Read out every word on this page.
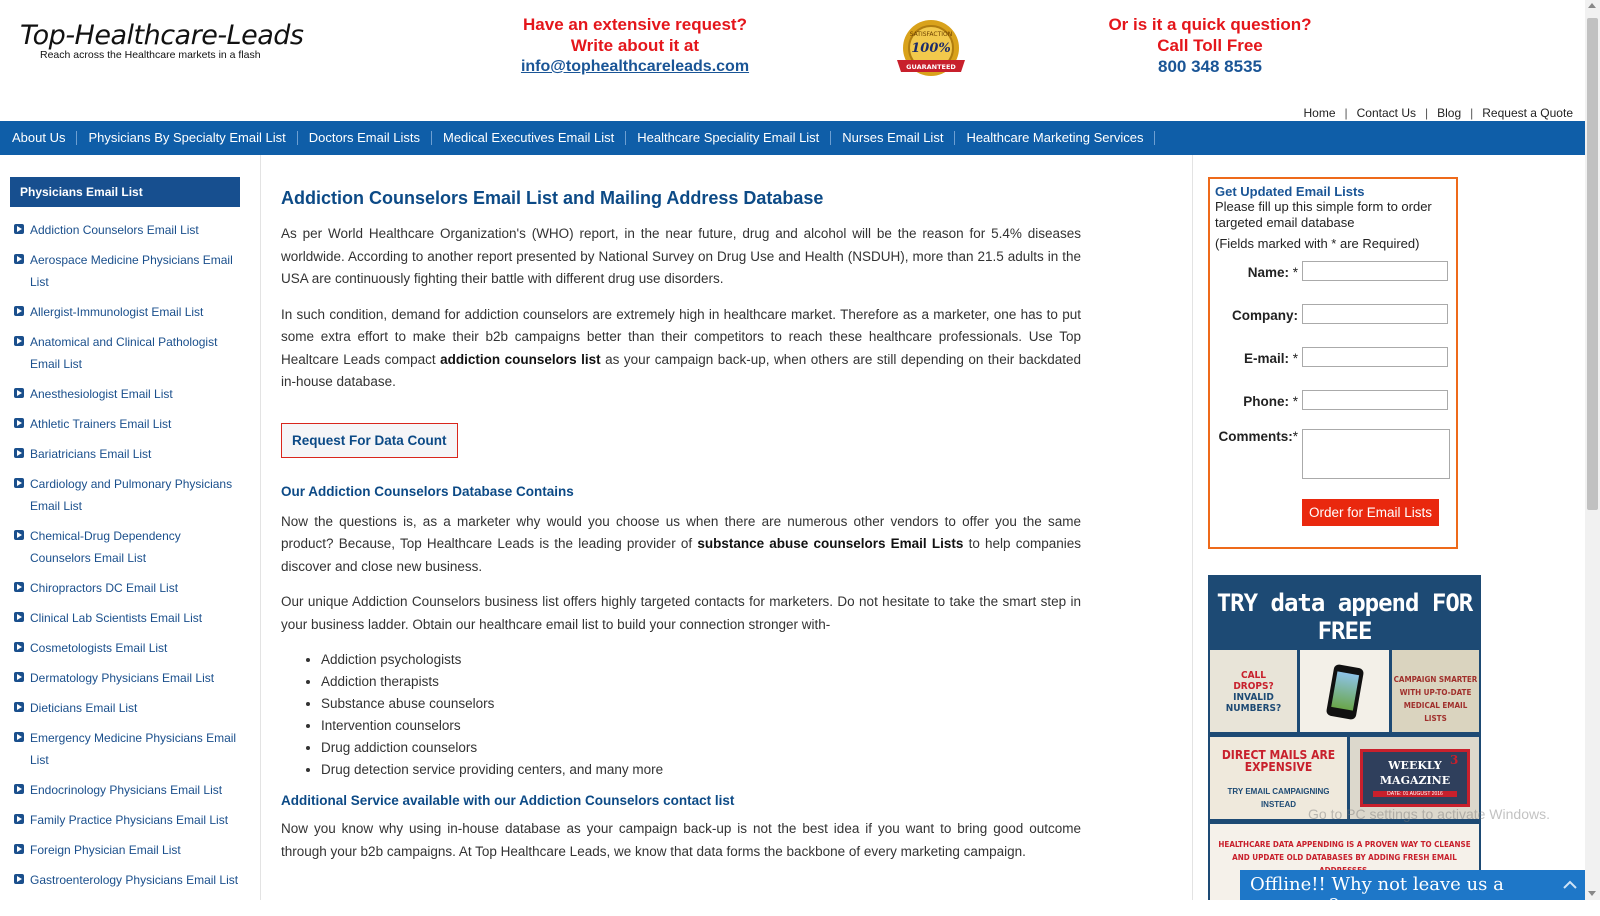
Top-Healthcare-Leads
Reach across the Healthcare markets in a flash
Have an extensive request?
Write about it at
info@tophealthcareleads.com
SATISFACTION
100%
GUARANTEED
Or is it a quick question?
Call Toll Free
800 348 8535
Home | Contact Us | Blog | Request a Quote
About Us	Physicians By Specialty Email List	Doctors Email Lists	Medical Executives Email List	Healthcare Speciality Email List	Nurses Email List	Healthcare Marketing Services
Physicians Email List
Addiction Counselors Email List
Aerospace Medicine Physicians Email List
Allergist-Immunologist Email List
Anatomical and Clinical Pathologist Email List
Anesthesiologist Email List
Athletic Trainers Email List
Bariatricians Email List
Cardiology and Pulmonary Physicians Email List
Chemical-Drug Dependency Counselors Email List
Chiropractors DC Email List
Clinical Lab Scientists Email List
Cosmetologists Email List
Dermatology Physicians Email List
Dieticians Email List
Emergency Medicine Physicians Email List
Endocrinology Physicians Email List
Family Practice Physicians Email List
Foreign Physician Email List
Gastroenterology Physicians Email List
Addiction Counselors Email List and Mailing Address Database

As per World Healthcare Organization's (WHO) report, in the near future, drug and alcohol will be the reason for 5.4% diseases worldwide. According to another report presented by National Survey on Drug Use and Health (NSDUH), more than 21.5 adults in the USA are continuously fighting their battle with different drug use disorders.

In such condition, demand for addiction counselors are extremely high in healthcare market. Therefore as a marketer, one has to put some extra effort to make their b2b campaigns better than their competitors to reach these healthcare professionals. Use Top Healtcare Leads compact addiction counselors list as your campaign back-up, when others are still depending on their backdated in-house database.

Request For Data Count
Our Addiction Counselors Database Contains

Now the questions is, as a marketer why would you choose us when there are numerous other vendors to offer you the same product? Because, Top Healthcare Leads is the leading provider of substance abuse counselors Email Lists to help companies discover and close new business.

Our unique Addiction Counselors business list offers highly targeted contacts for marketers. Do not hesitate to take the smart step in your business ladder. Obtain our healthcare email list to build your connection stronger with-

• Addiction psychologists
• Addiction therapists
• Substance abuse counselors
• Intervention counselors
• Drug addiction counselors
• Drug detection service providing centers, and many more
Additional Service available with our Addiction Counselors contact list

Now you know why using in-house database as your campaign back-up is not the best idea if you want to bring good outcome through your b2b campaigns. At Top Healthcare Leads, we know that data forms the backbone of every marketing campaign.

Get Updated Email Lists
Please fill up this simple form to order targeted email database
(Fields marked with * are Required)
Name: *
Company:
E-mail: *
Phone: *
Comments:*
Order for Email Lists
TRY data append FOR FREE
CALL
DROPS?
INVALID
NUMBERS?
CAMPAIGN SMARTER WITH UP-TO-DATE MEDICAL EMAIL LISTS
DIRECT MAILS ARE EXPENSIVE
TRY EMAIL CAMPAIGNING INSTEAD
WEEKLY MAGAZINE
DATE: 01 AUGUST 2016
3
HEALTHCARE DATA APPENDING IS A PROVEN WAY TO CLEANSE AND UPDATE OLD DATABASES BY ADDING FRESH EMAIL
Go to PC settings to activate Windows.
Offline!! Why not leave us a message?
